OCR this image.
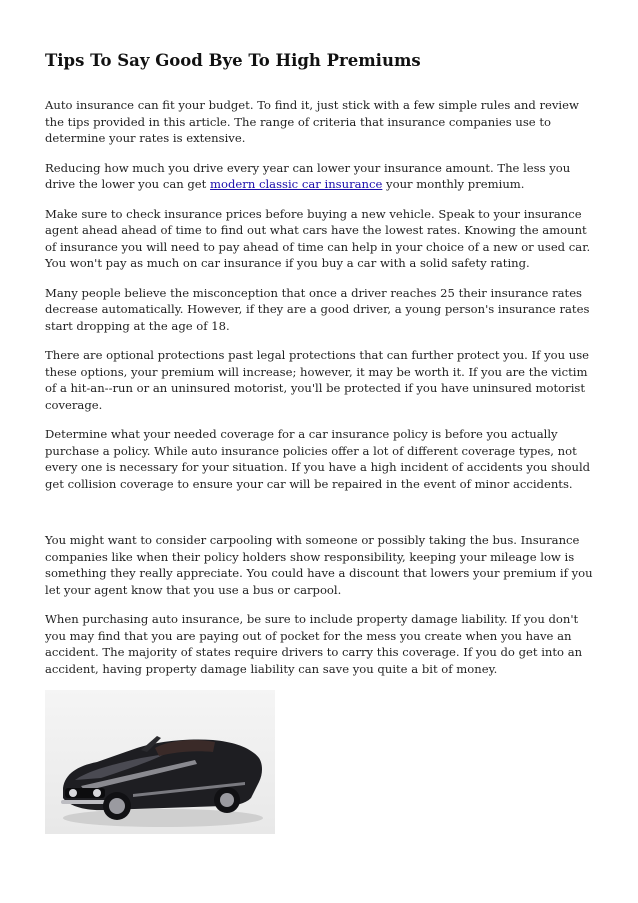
Tips To Say Good Bye To High Premiums

Auto insurance can fit your budget. To find it, just stick with a few simple rules and review the tips provided in this article. The range of criteria that insurance companies use to determine your rates is extensive.

Reducing how much you drive every year can lower your insurance amount. The less you drive the lower you can get modern classic car insurance your monthly premium.

Make sure to check insurance prices before buying a new vehicle. Speak to your insurance agent ahead ahead of time to find out what cars have the lowest rates. Knowing the amount of insurance you will need to pay ahead of time can help in your choice of a new or used car. You won't pay as much on car insurance if you buy a car with a solid safety rating.

Many people believe the misconception that once a driver reaches 25 their insurance rates decrease automatically. However, if they are a good driver, a young person's insurance rates start dropping at the age of 18.

There are optional protections past legal protections that can further protect you. If you use these options, your premium will increase; however, it may be worth it. If you are the victim of a hit-an--run or an uninsured motorist, you'll be protected if you have uninsured motorist coverage.

Determine what your needed coverage for a car insurance policy is before you actually purchase a policy. While auto insurance policies offer a lot of different coverage types, not every one is necessary for your situation. If you have a high incident of accidents you should get collision coverage to ensure your car will be repaired in the event of minor accidents.

You might want to consider carpooling with someone or possibly taking the bus. Insurance companies like when their policy holders show responsibility, keeping your mileage low is something they really appreciate. You could have a discount that lowers your premium if you let your agent know that you use a bus or carpool.

When purchasing auto insurance, be sure to include property damage liability. If you don't you may find that you are paying out of pocket for the mess you create when you have an accident. The majority of states require drivers to carry this coverage. If you do get into an accident, having property damage liability can save you quite a bit of money.
